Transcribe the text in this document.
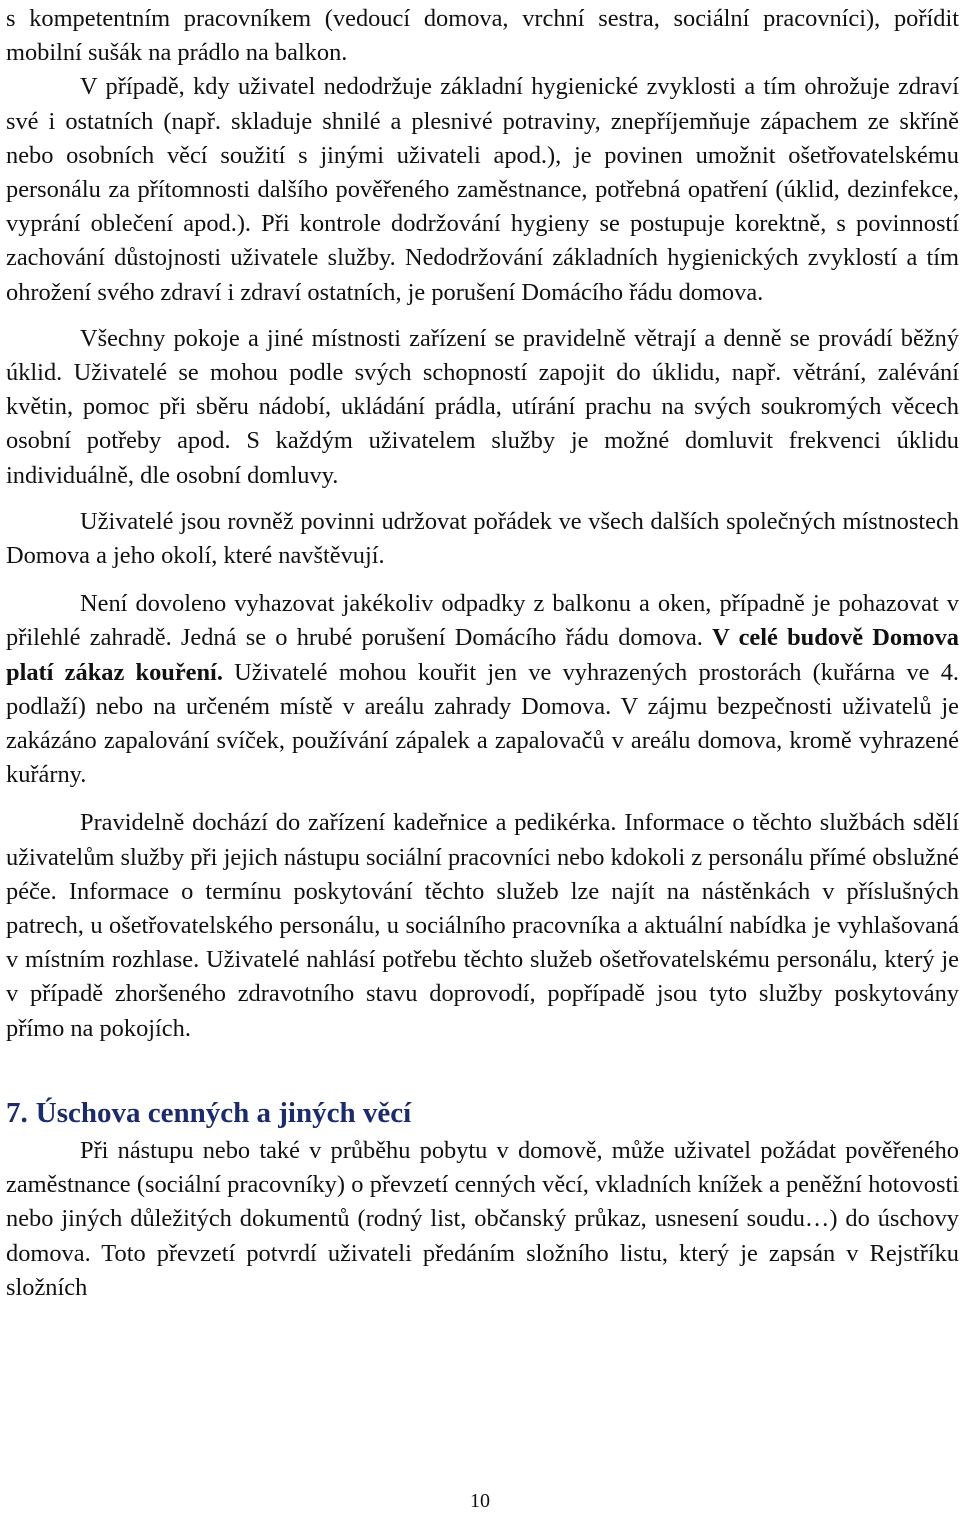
s kompetentním pracovníkem (vedoucí domova, vrchní sestra, sociální pracovníci), pořídit mobilní sušák na prádlo na balkon.

V případě, kdy uživatel nedodržuje základní hygienické zvyklosti a tím ohrožuje zdraví své i ostatních (např. skladuje shnilé a plesnivé potraviny, znepříjemňuje zápachem ze skříně nebo osobních věcí soužití s jinými uživateli apod.), je povinen umožnit ošetřovatelskému personálu za přítomnosti dalšího pověřeného zaměstnance, potřebná opatření (úklid, dezinfekce, vyprání oblečení apod.). Při kontrole dodržování hygieny se postupuje korektně, s povinností zachování důstojnosti uživatele služby. Nedodržování základních hygienických zvyklostí a tím ohrožení svého zdraví i zdraví ostatních, je porušení Domácího řádu domova.

Všechny pokoje a jiné místnosti zařízení se pravidelně větrají a denně se provádí běžný úklid. Uživatelé se mohou podle svých schopností zapojit do úklidu, např. větrání, zalévání květin, pomoc při sběru nádobí, ukládání prádla, utírání prachu na svých soukromých věcech osobní potřeby apod. S každým uživatelem služby je možné domluvit frekvenci úklidu individuálně, dle osobní domluvy.

Uživatelé jsou rovněž povinni udržovat pořádek ve všech dalších společných místnostech Domova a jeho okolí, které navštěvují.

Není dovoleno vyhazovat jakékoliv odpadky z balkonu a oken, případně je pohazovat v přilehlé zahradě. Jedná se o hrubé porušení Domácího řádu domova. V celé budově Domova platí zákaz kouření. Uživatelé mohou kouřit jen ve vyhrazených prostorách (kuřárna ve 4. podlaží) nebo na určeném místě v areálu zahrady Domova. V zájmu bezpečnosti uživatelů je zakázáno zapalování svíček, používání zápalek a zapalovačů v areálu domova, kromě vyhrazené kuřárny.

Pravidelně dochází do zařízení kadeřnice a pedikérka. Informace o těchto službách sdělí uživatelům služby při jejich nástupu sociální pracovníci nebo kdokoli z personálu přímé obslužné péče. Informace o termínu poskytování těchto služeb lze najít na nástěnkách v příslušných patrech, u ošetřovatelského personálu, u sociálního pracovníka a aktuální nabídka je vyhlašovaná v místním rozhlase. Uživatelé nahlásí potřebu těchto služeb ošetřovatelskému personálu, který je v případě zhoršeného zdravotního stavu doprovodí, popřípadě jsou tyto služby poskytovány přímo na pokojích.

7. Úschova cenných a jiných věcí

Při nástupu nebo také v průběhu pobytu v domově, může uživatel požádat pověřeného zaměstnance (sociální pracovníky) o převzetí cenných věcí, vkladních knížek a peněžní hotovosti nebo jiných důležitých dokumentů (rodný list, občanský průkaz, usnesení soudu…) do úschovy domova. Toto převzetí potvrdí uživateli předáním složního listu, který je zapsán v Rejstříku složních

10
